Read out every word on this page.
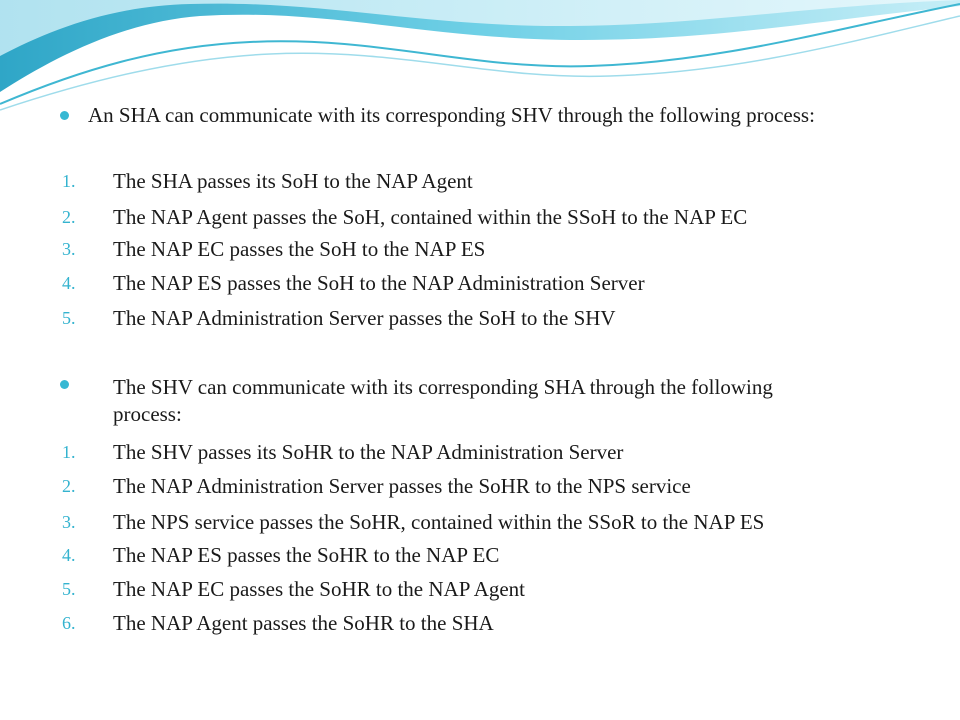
An SHA can communicate with its corresponding SHV through the following process:
1. The SHA passes its SoH to the NAP Agent
2. The NAP Agent passes the SoH, contained within the SSoH to the NAP EC
3. The NAP EC passes the SoH to the NAP ES
4. The NAP ES passes the SoH to the NAP Administration Server
5. The NAP Administration Server passes the SoH to the SHV
The SHV can communicate with its corresponding SHA through the following process:
1. The SHV passes its SoHR to the NAP Administration Server
2. The NAP Administration Server passes the SoHR to the NPS service
3. The NPS service passes the SoHR, contained within the SSoR to the NAP ES
4. The NAP ES passes the SoHR to the NAP EC
5. The NAP EC passes the SoHR to the NAP Agent
6. The NAP Agent passes the SoHR to the SHA
